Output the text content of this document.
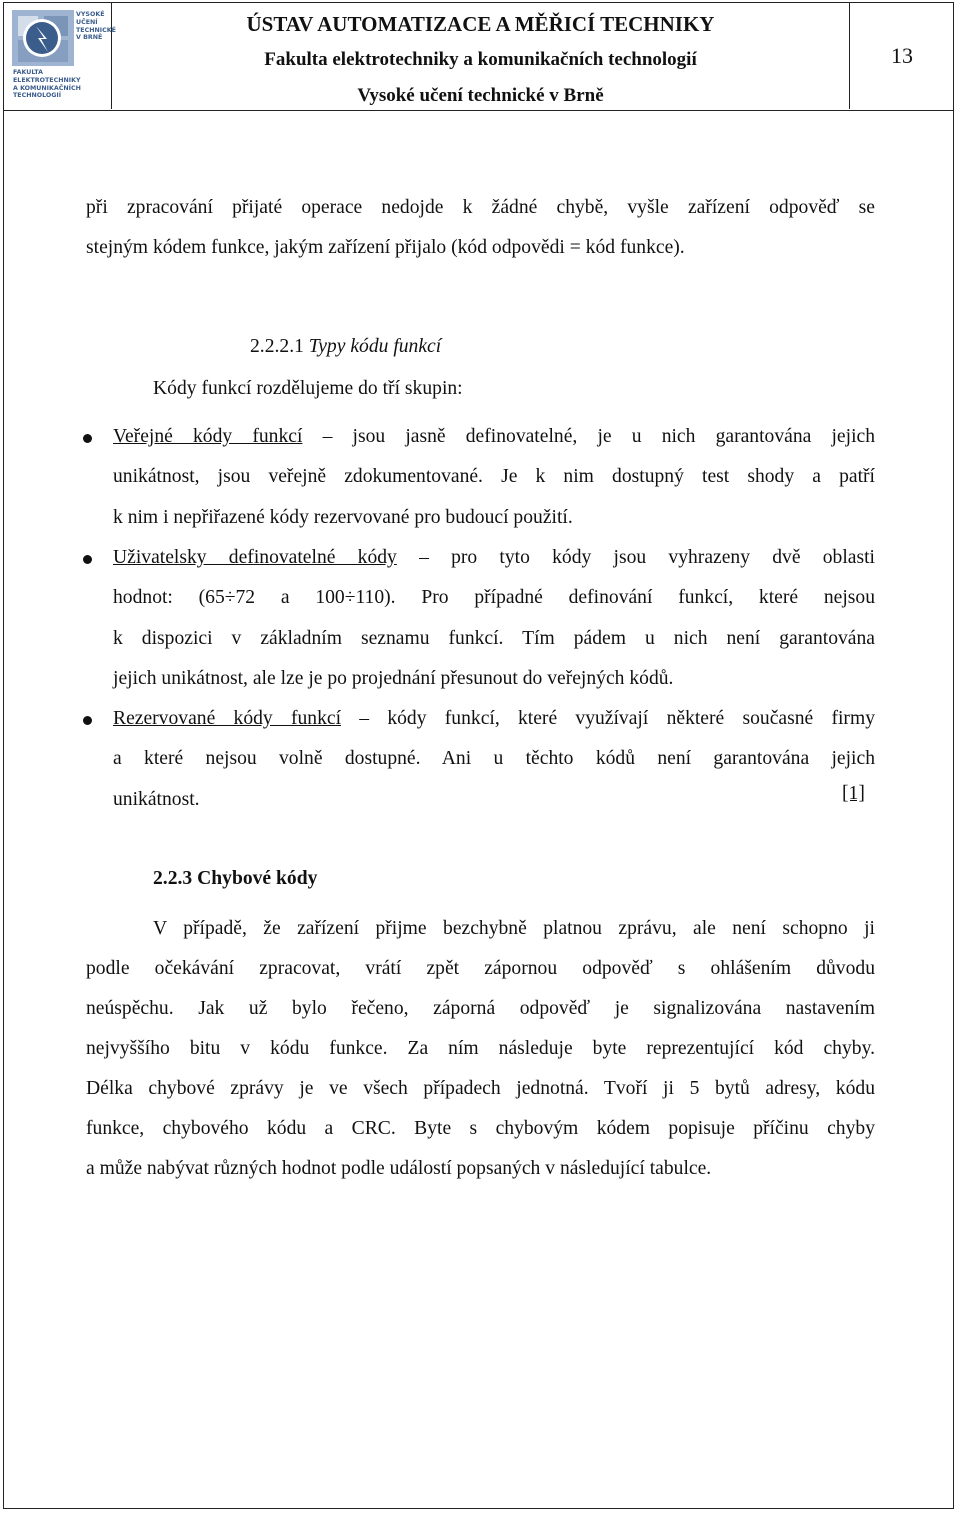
VYSOKÉ
UČENÍ
TECHNICKÉ
V BRNĚ
FAKULTA
ELEKTROTECHNIKY
A KOMUNIKAČNÍCH
TECHNOLOGIÍ
ÚSTAV AUTOMATIZACE A MĚŘICÍ TECHNIKY
Fakulta elektrotechniky a komunikačních technologií
Vysoké učení technické v Brně
13
při zpracování přijaté operace nedojde k žádné chybě, vyšle zařízení odpověď se
stejným kódem funkce, jakým zařízení přijalo (kód odpovědi = kód funkce).
2.2.2.1 Typy kódu funkcí
Kódy funkcí rozdělujeme do tří skupin:
Veřejné kódy funkcí – jsou jasně definovatelné, je u nich garantována jejich
unikátnost, jsou veřejně zdokumentované. Je k nim dostupný test shody a patří
k nim i nepřiřazené kódy rezervované pro budoucí použití.
Uživatelsky definovatelné kódy – pro tyto kódy jsou vyhrazeny dvě oblasti
hodnot: (65÷72 a 100÷110). Pro případné definování funkcí, které nejsou
k dispozici v základním seznamu funkcí. Tím pádem u nich není garantována
jejich unikátnost, ale lze je po projednání přesunout do veřejných kódů.
Rezervované kódy funkcí – kódy funkcí, které využívají některé současné firmy
a které nejsou volně dostupné. Ani u těchto kódů není garantována jejich
unikátnost.	[1]
2.2.3 Chybové kódy
V případě, že zařízení přijme bezchybně platnou zprávu, ale není schopno ji
podle očekávání zpracovat, vrátí zpět zápornou odpověď s ohlášením důvodu
neúspěchu. Jak už bylo řečeno, záporná odpověď je signalizována nastavením
nejvyššího bitu v kódu funkce. Za ním následuje byte reprezentující kód chyby.
Délka chybové zprávy je ve všech případech jednotná. Tvoří ji 5 bytů adresy, kódu
funkce, chybového kódu a CRC. Byte s chybovým kódem popisuje příčinu chyby
a může nabývat různých hodnot podle událostí popsaných v následující tabulce.
